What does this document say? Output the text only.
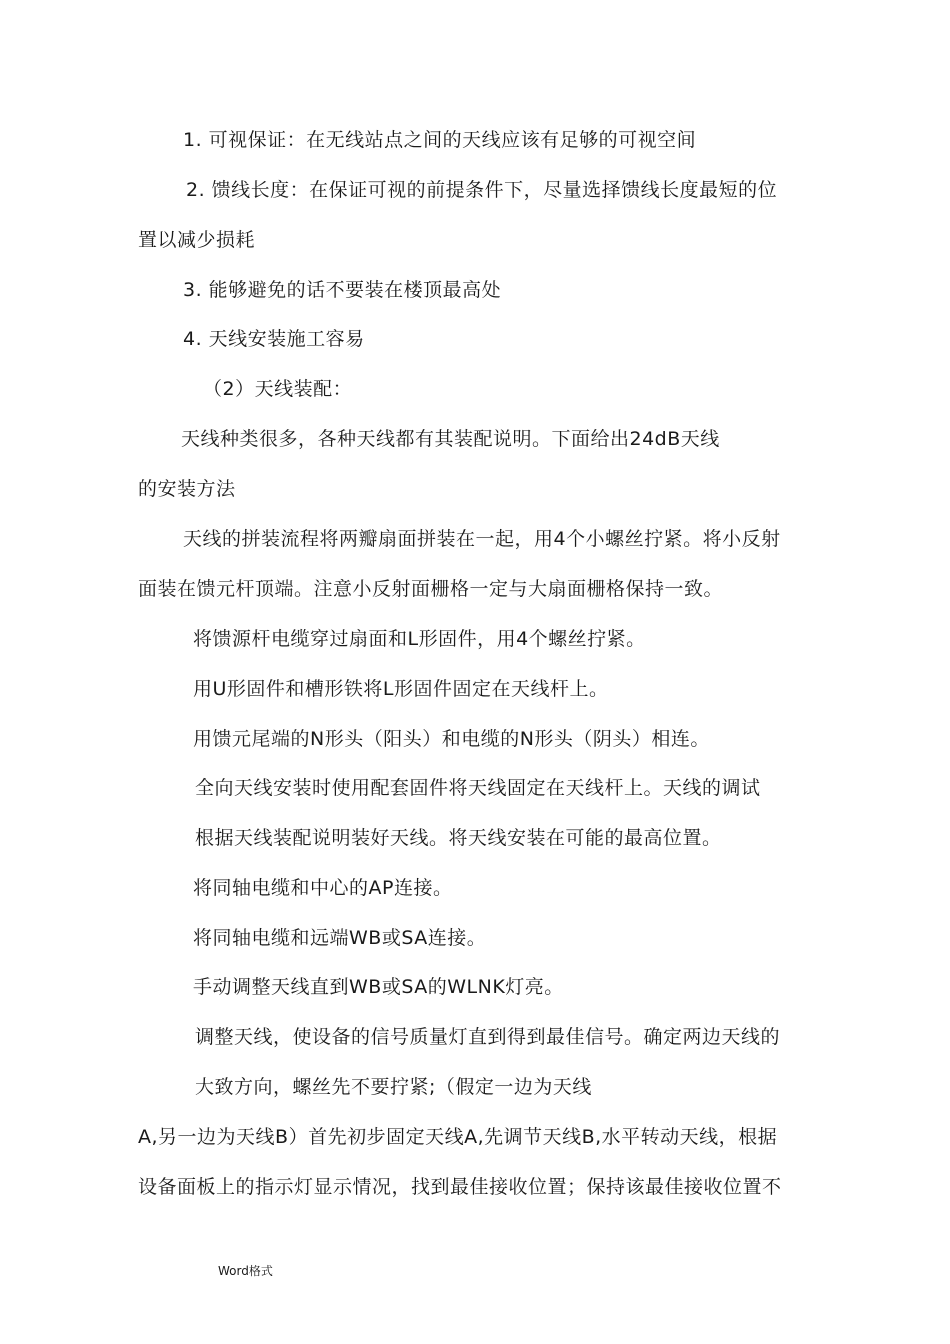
1. 可视保证：在无线站点之间的天线应该有足够的可视空间
2. 馈线长度：在保证可视的前提条件下，尽量选择馈线长度最短的位
置以减少损耗
3. 能够避免的话不要装在楼顶最高处
4. 天线安装施工容易
（2）天线装配：
天线种类很多，各种天线都有其装配说明。下面给出24dB天线
的安装方法
天线的拼装流程将两瓣扇面拼装在一起，用4个小螺丝拧紧。将小反射
面装在馈元杆顶端。注意小反射面栅格一定与大扇面栅格保持一致。
将馈源杆电缆穿过扇面和L形固件，用4个螺丝拧紧。
用U形固件和槽形铁将L形固件固定在天线杆上。
用馈元尾端的N形头（阳头）和电缆的N形头（阴头）相连。
全向天线安装时使用配套固件将天线固定在天线杆上。天线的调试
根据天线装配说明装好天线。将天线安装在可能的最高位置。
将同轴电缆和中心的AP连接。
将同轴电缆和远端WB或SA连接。
手动调整天线直到WB或SA的WLNK灯亮。
调整天线，使设备的信号质量灯直到得到最佳信号。确定两边天线的
大致方向，螺丝先不要拧紧;（假定一边为天线
A,另一边为天线B）首先初步固定天线A,先调节天线B,水平转动天线，根据
设备面板上的指示灯显示情况，找到最佳接收位置；保持该最佳接收位置不
Word格式
